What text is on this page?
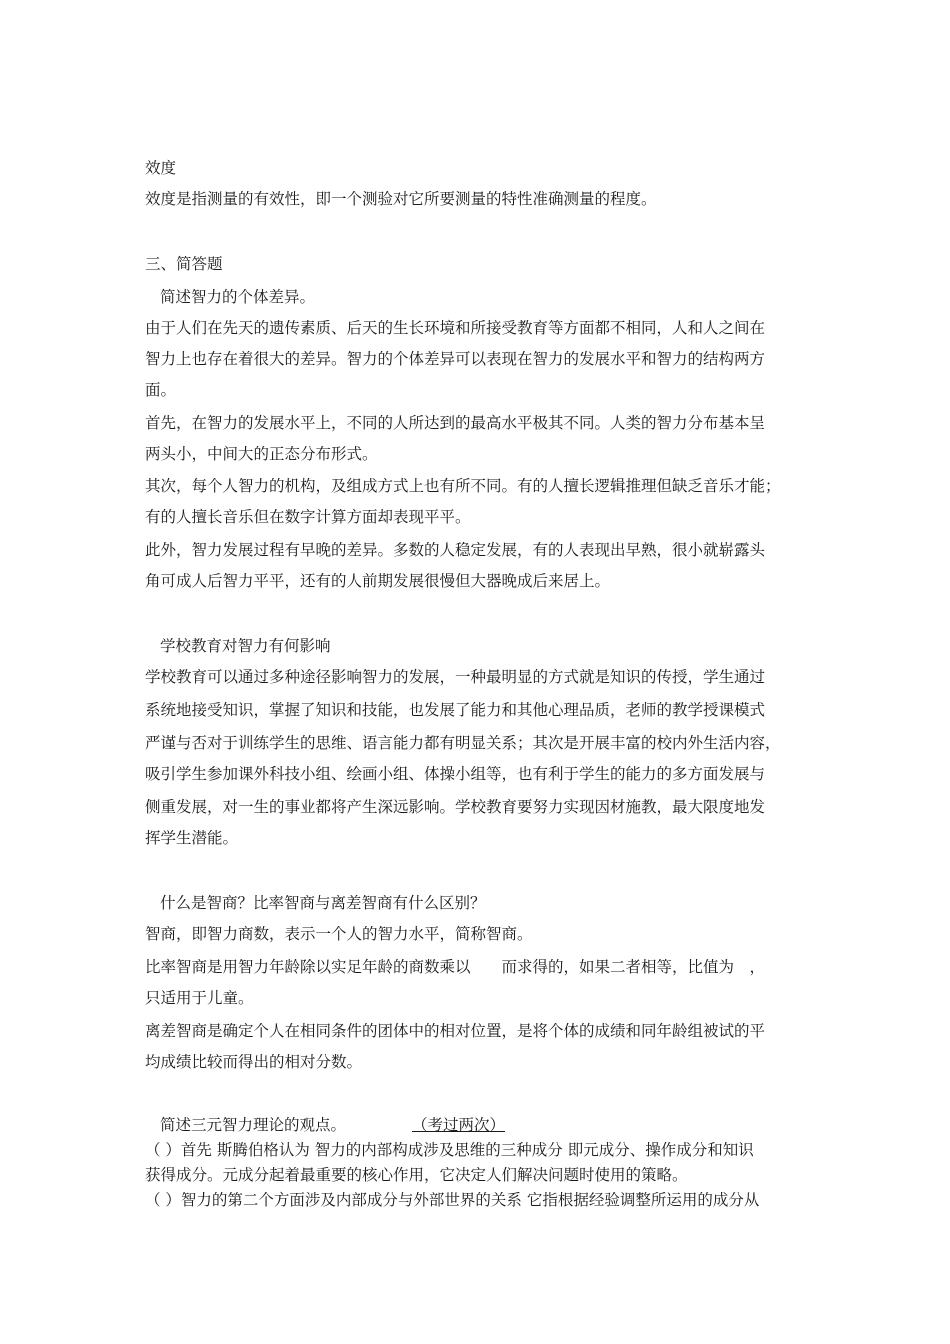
效度
效度是指测量的有效性，即一个测验对它所要测量的特性准确测量的程度。
三、简答题
简述智力的个体差异。
由于人们在先天的遗传素质、后天的生长环境和所接受教育等方面都不相同，人和人之间在
智力上也存在着很大的差异。智力的个体差异可以表现在智力的发展水平和智力的结构两方
面。
首先，在智力的发展水平上，不同的人所达到的最高水平极其不同。人类的智力分布基本呈
两头小，中间大的正态分布形式。
其次，每个人智力的机构，及组成方式上也有所不同。有的人擅长逻辑推理但缺乏音乐才能；
有的人擅长音乐但在数字计算方面却表现平平。
此外，智力发展过程有早晚的差异。多数的人稳定发展，有的人表现出早熟，很小就崭露头
角可成人后智力平平，还有的人前期发展很慢但大器晚成后来居上。
学校教育对智力有何影响
学校教育可以通过多种途径影响智力的发展，一种最明显的方式就是知识的传授，学生通过
系统地接受知识，掌握了知识和技能，也发展了能力和其他心理品质，老师的教学授课模式
严谨与否对于训练学生的思维、语言能力都有明显关系；其次是开展丰富的校内外生活内容，
吸引学生参加课外科技小组、绘画小组、体操小组等，也有利于学生的能力的多方面发展与
侧重发展，对一生的事业都将产生深远影响。学校教育要努力实现因材施教，最大限度地发
挥学生潜能。
什么是智商？比率智商与离差智商有什么区别？
智商，即智力商数，表示一个人的智力水平，简称智商。
比率智商是用智力年龄除以实足年龄的商数乘以　　而求得的，如果二者相等，比值为　，
只适用于儿童。
离差智商是确定个人在相同条件的团体中的相对位置，是将个体的成绩和同年龄组被试的平
均成绩比较而得出的相对分数。
简述三元智力理论的观点。	（考过两次）
（ ）首先 斯腾伯格认为 智力的内部构成涉及思维的三种成分 即元成分、操作成分和知识
获得成分。元成分起着最重要的核心作用，它决定人们解决问题时使用的策略。
（ ）智力的第二个方面涉及内部成分与外部世界的关系 它指根据经验调整所运用的成分从
